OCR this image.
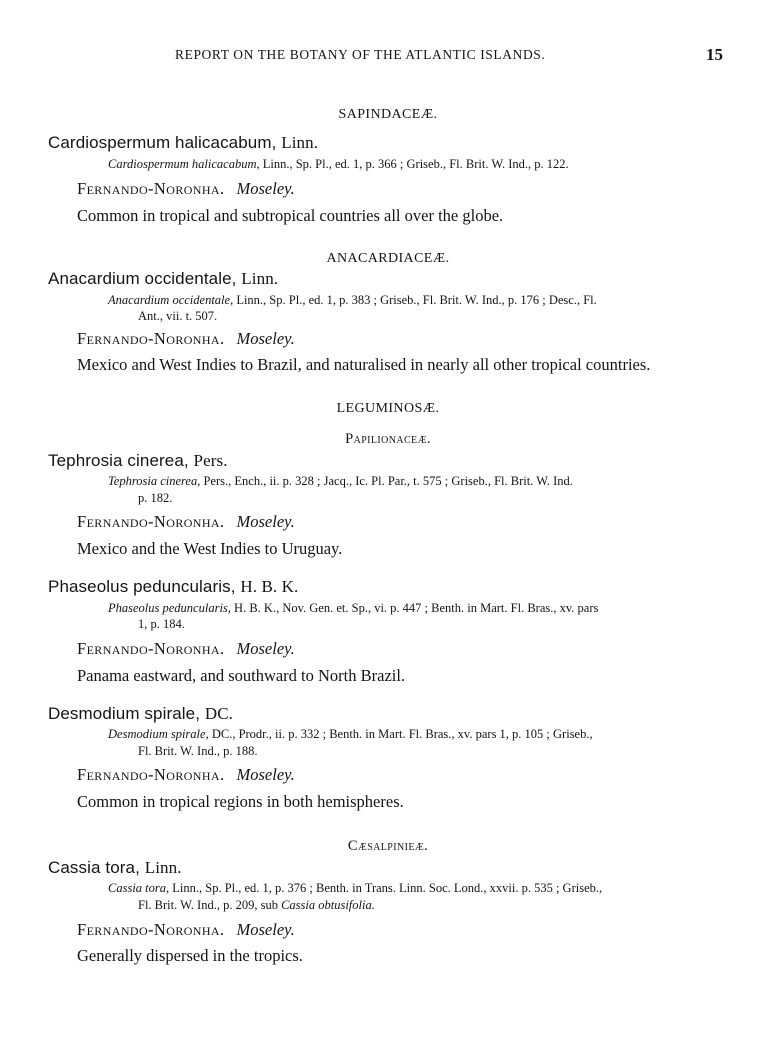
REPORT ON THE BOTANY OF THE ATLANTIC ISLANDS.	15
SAPINDACEÆ.
Cardiospermum halicacabum, Linn.
Cardiospermum halicacabum, Linn., Sp. Pl., ed. 1, p. 366 ; Griseb., Fl. Brit. W. Ind., p. 122.
Fernando-Noronha. Moseley.
Common in tropical and subtropical countries all over the globe.
ANACARDIACEÆ.
Anacardium occidentale, Linn.
Anacardium occidentale, Linn., Sp. Pl., ed. 1, p. 383 ; Griseb., Fl. Brit. W. Ind., p. 176 ; Desc., Fl.
Ant., vii. t. 507.
Fernando-Noronha. Moseley.
Mexico and West Indies to Brazil, and naturalised in nearly all other tropical countries.
LEGUMINOSÆ.
Papilionaceæ.
Tephrosia cinerea, Pers.
Tephrosia cinerea, Pers., Ench., ii. p. 328 ; Jacq., Ic. Pl. Par., t. 575 ; Griseb., Fl. Brit. W. Ind.
p. 182.
Fernando-Noronha. Moseley.
Mexico and the West Indies to Uruguay.
Phaseolus peduncularis, H. B. K.
Phaseolus peduncularis, H. B. K., Nov. Gen. et. Sp., vi. p. 447 ; Benth. in Mart. Fl. Bras., xv. pars
1, p. 184.
Fernando-Noronha. Moseley.
Panama eastward, and southward to North Brazil.
Desmodium spirale, DC.
Desmodium spirale, DC., Prodr., ii. p. 332 ; Benth. in Mart. Fl. Bras., xv. pars 1, p. 105 ; Griseb.,
Fl. Brit. W. Ind., p. 188.
Fernando-Noronha. Moseley.
Common in tropical regions in both hemispheres.
Cæsalpinieæ.
Cassia tora, Linn.
Cassia tora, Linn., Sp. Pl., ed. 1, p. 376 ; Benth. in Trans. Linn. Soc. Lond., xxvii. p. 535 ; Griseb.,
Fl. Brit. W. Ind., p. 209, sub Cassia obtusifolia.
Fernando-Noronha. Moseley.
Generally dispersed in the tropics.
